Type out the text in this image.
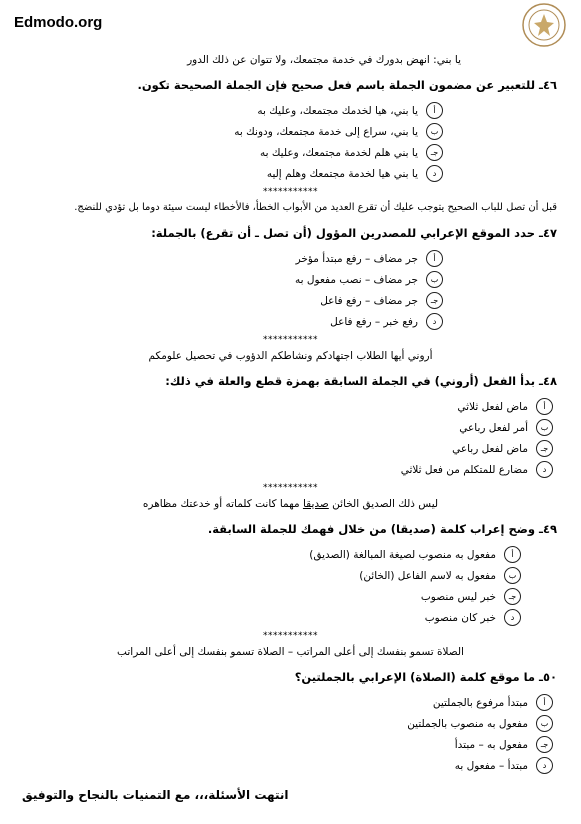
Edmodo.org
يا بني: انهض بدورك في خدمة مجتمعك، ولا تتوان عن ذلك الدور
٤٦ـ للتعبير عن مضمون الجملة باسم فعل صحيح فإن الجملة الصحيحة تكون.
أ
يا بني، هيا لخدمك مجتمعك، وعليك به
ب
يا بني، سراع إلى خدمة مجتمعك، ودونك به
جـ
يا بني هلم لخدمة مجتمعك، وعليك به
د
يا بني هيا لخدمة مجتمعك وهلم إليه
***********
قبل أن تصل للباب الصحيح يتوجب عليك أن تقرع العديد من الأبواب الخطأ، فالأخطاء ليست سيئة دوما بل تؤدي للنضج.
٤٧ـ حدد الموقع الإعرابي للمصدرين المؤول (أن تصل ـ أن تقرع) بالجملة:
أ
جر مضاف – رفع مبتدأ مؤخر
ب
جر مضاف – نصب مفعول به
جـ
جر مضاف – رفع فاعل
د
رفع خبر – رفع فاعل
***********
أروني أيها الطلاب اجتهادكم ونشاطكم الدؤوب في تحصيل علومكم
٤٨ـ بدأ الفعل (أروني) في الجملة السابقة بهمزة قطع والعلة في ذلك:
أ
ماض لفعل ثلاثي
ب
أمر لفعل رباعي
جـ
ماض لفعل رباعي
د
مضارع للمتكلم من فعل ثلاثي
***********
ليس ذلك الصديق الخائن صديقا مهما كانت كلماته أو خدعتك مظاهره
٤٩ـ وضح إعراب كلمة (صديقا) من خلال فهمك للجملة السابقة.
أ
مفعول به منصوب لصيغة المبالغة (الصديق)
ب
مفعول به لاسم الفاعل (الخائن)
جـ
خبر ليس منصوب
د
خبر كان منصوب
***********
الصلاة تسمو بنفسك إلى أعلى المراتب – الصلاة تسمو بنفسك إلى أعلى المراتب
٥٠ـ ما موقع كلمة (الصلاة) الإعرابي بالجملتين؟
أ
مبتدأ مرفوع بالجملتين
ب
مفعول به منصوب بالجملتين
جـ
مفعول به – مبتدأ
د
مبتدأ – مفعول به
انتهت الأسئلة،،، مع التمنيات بالنجاح والتوفيق
